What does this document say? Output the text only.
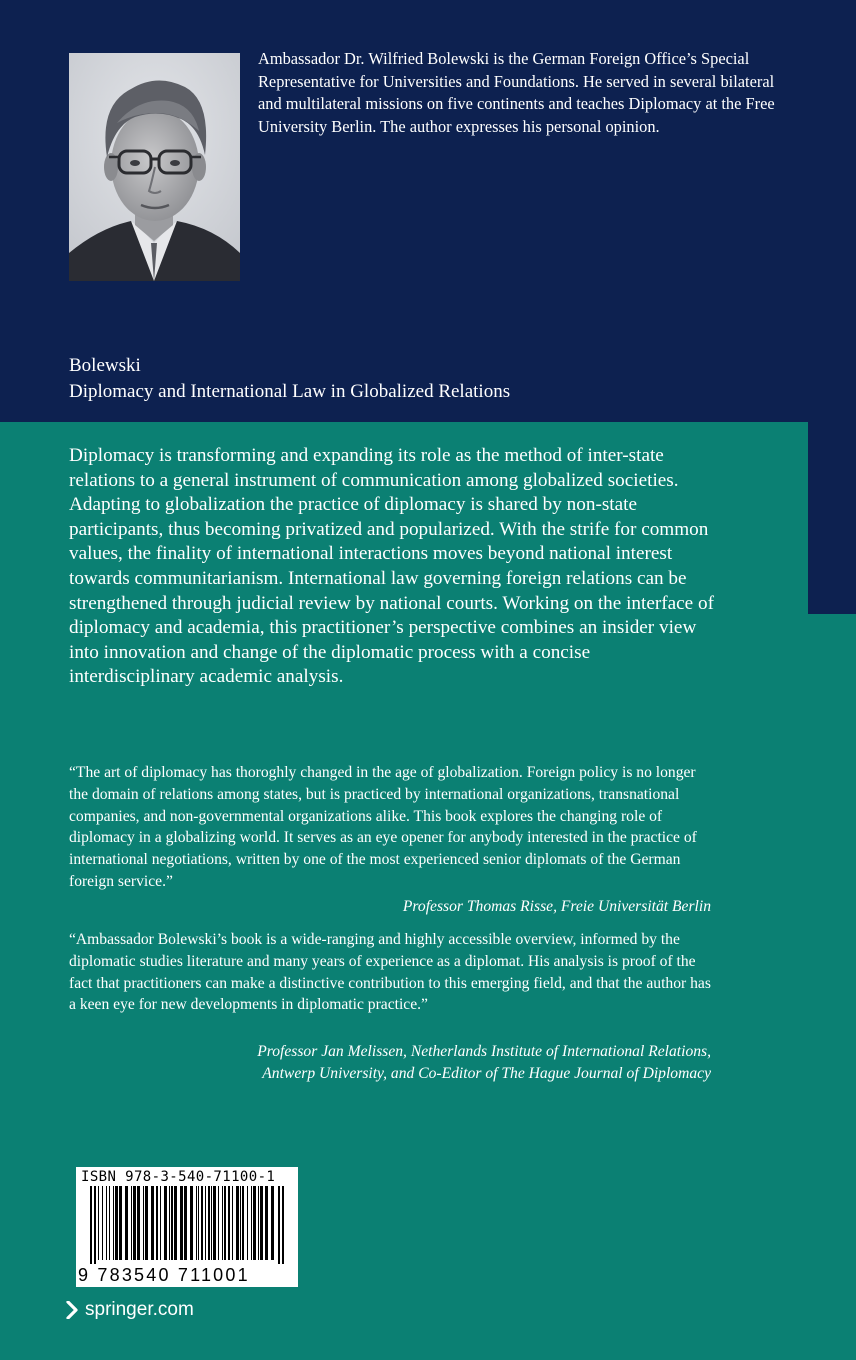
Ambassador Dr. Wilfried Bolewski is the German Foreign Office’s Special Representative for Universities and Foundations. He served in several bilateral and multilateral missions on five continents and teaches Diplomacy at the Free University Berlin. The author expresses his personal opinion.
Bolewski
Diplomacy and International Law in Globalized Relations
Diplomacy is transforming and expanding its role as the method of inter-state relations to a general instrument of communication among globalized societies. Adapting to globalization the practice of diplomacy is shared by non-state participants, thus becoming privatized and popularized. With the strife for common values, the finality of international interactions moves beyond national interest towards communitarianism. International law governing foreign relations can be strengthened through judicial review by national courts. Working on the interface of diplomacy and academia, this practitioner’s perspective combines an insider view into innovation and change of the diplomatic process with a concise interdisciplinary academic analysis.
“The art of diplomacy has thoroghly changed in the age of globalization. Foreign policy is no longer the domain of relations among states, but is practiced by international organizations, transnational companies, and non-governmental organizations alike. This book explores the changing role of diplomacy in a globalizing world. It serves as an eye opener for anybody interested in the practice of international negotiations, written by one of the most experienced senior diplomats of the German foreign service.”
Professor Thomas Risse, Freie Universität Berlin
“Ambassador Bolewski’s book is a wide-ranging and highly accessible overview, informed by the diplomatic studies literature and many years of experience as a diplomat. His analysis is proof of the fact that practitioners can make a distinctive contribution to this emerging field, and that the author has a keen eye for new developments in diplomatic practice.”
Professor Jan Melissen, Netherlands Institute of International Relations,
Antwerp University, and Co-Editor of The Hague Journal of Diplomacy
ISBN 978-3-540-71100-1
9 783540 711001
springer.com
